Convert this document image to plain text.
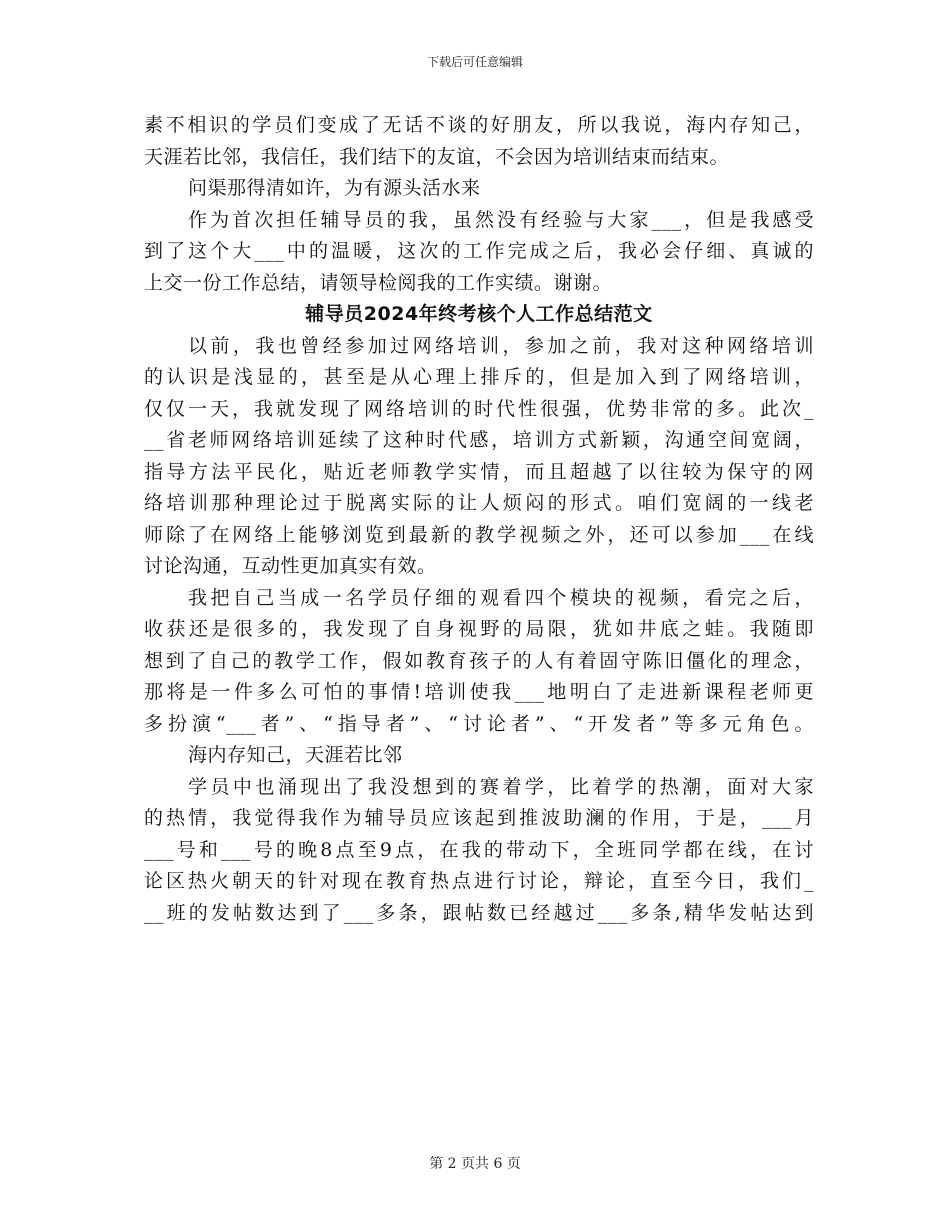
下载后可任意编辑
素不相识的学员们变成了无话不谈的好朋友，所以我说，海内存知己，
天涯若比邻，我信任，我们结下的友谊，不会因为培训结束而结束。
问渠那得清如许，为有源头活水来
作为首次担任辅导员的我，虽然没有经验与大家___，但是我感受
到了这个大___中的温暖，这次的工作完成之后，我必会仔细、真诚的
上交一份工作总结，请领导检阅我的工作实绩。谢谢。
辅导员2024年终考核个人工作总结范文
以前，我也曾经参加过网络培训，参加之前，我对这种网络培训
的认识是浅显的，甚至是从心理上排斥的，但是加入到了网络培训，
仅仅一天，我就发现了网络培训的时代性很强，优势非常的多。此次_
__省老师网络培训延续了这种时代感，培训方式新颖，沟通空间宽阔，
指导方法平民化，贴近老师教学实情，而且超越了以往较为保守的网
络培训那种理论过于脱离实际的让人烦闷的形式。咱们宽阔的一线老
师除了在网络上能够浏览到最新的教学视频之外，还可以参加___在线
讨论沟通，互动性更加真实有效。
我把自己当成一名学员仔细的观看四个模块的视频，看完之后，
收获还是很多的，我发现了自身视野的局限，犹如井底之蛙。我随即
想到了自己的教学工作，假如教育孩子的人有着固守陈旧僵化的理念，
那将是一件多么可怕的事情!培训使我___地明白了走进新课程老师更
多扮演“___者”、“指导者”、“讨论者”、“开发者”等多元角色。
海内存知己，天涯若比邻
学员中也涌现出了我没想到的赛着学，比着学的热潮，面对大家
的热情，我觉得我作为辅导员应该起到推波助澜的作用，于是，___月
___号和___号的晚8点至9点，在我的带动下，全班同学都在线，在讨
论区热火朝天的针对现在教育热点进行讨论，辩论，直至今日，我们_
__班的发帖数达到了___多条，跟帖数已经越过___多条,精华发帖达到
第 2 页共 6 页
